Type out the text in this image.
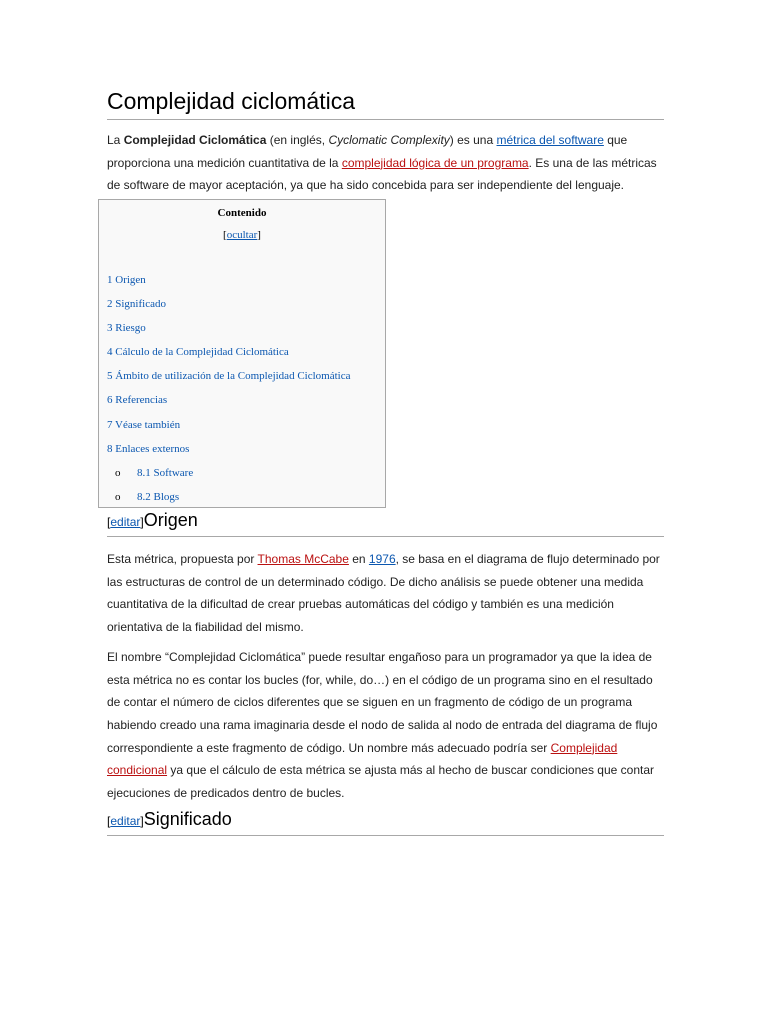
Complejidad ciclomática

La Complejidad Ciclomática (en inglés, Cyclomatic Complexity) es una métrica del software que proporciona una medición cuantitativa de la complejidad lógica de un programa. Es una de las métricas de software de mayor aceptación, ya que ha sido concebida para ser independiente del lenguaje.

Contenido
[ocultar]
1 Origen
2 Significado
3 Riesgo
4 Cálculo de la Complejidad Ciclomática
5 Ámbito de utilización de la Complejidad Ciclomática
6 Referencias
7 Véase también
8 Enlaces externos
o	8.1 Software
o	8.2 Blogs
[editar]Origen

Esta métrica, propuesta por Thomas McCabe en 1976, se basa en el diagrama de flujo determinado por las estructuras de control de un determinado código. De dicho análisis se puede obtener una medida cuantitativa de la dificultad de crear pruebas automáticas del código y también es una medición orientativa de la fiabilidad del mismo.

El nombre “Complejidad Ciclomática” puede resultar engañoso para un programador ya que la idea de esta métrica no es contar los bucles (for, while, do…) en el código de un programa sino en el resultado de contar el número de ciclos diferentes que se siguen en un fragmento de código de un programa habiendo creado una rama imaginaria desde el nodo de salida al nodo de entrada del diagrama de flujo correspondiente a este fragmento de código. Un nombre más adecuado podría ser Complejidad condicional ya que el cálculo de esta métrica se ajusta más al hecho de buscar condiciones que contar ejecuciones de predicados dentro de bucles.

[editar]Significado
